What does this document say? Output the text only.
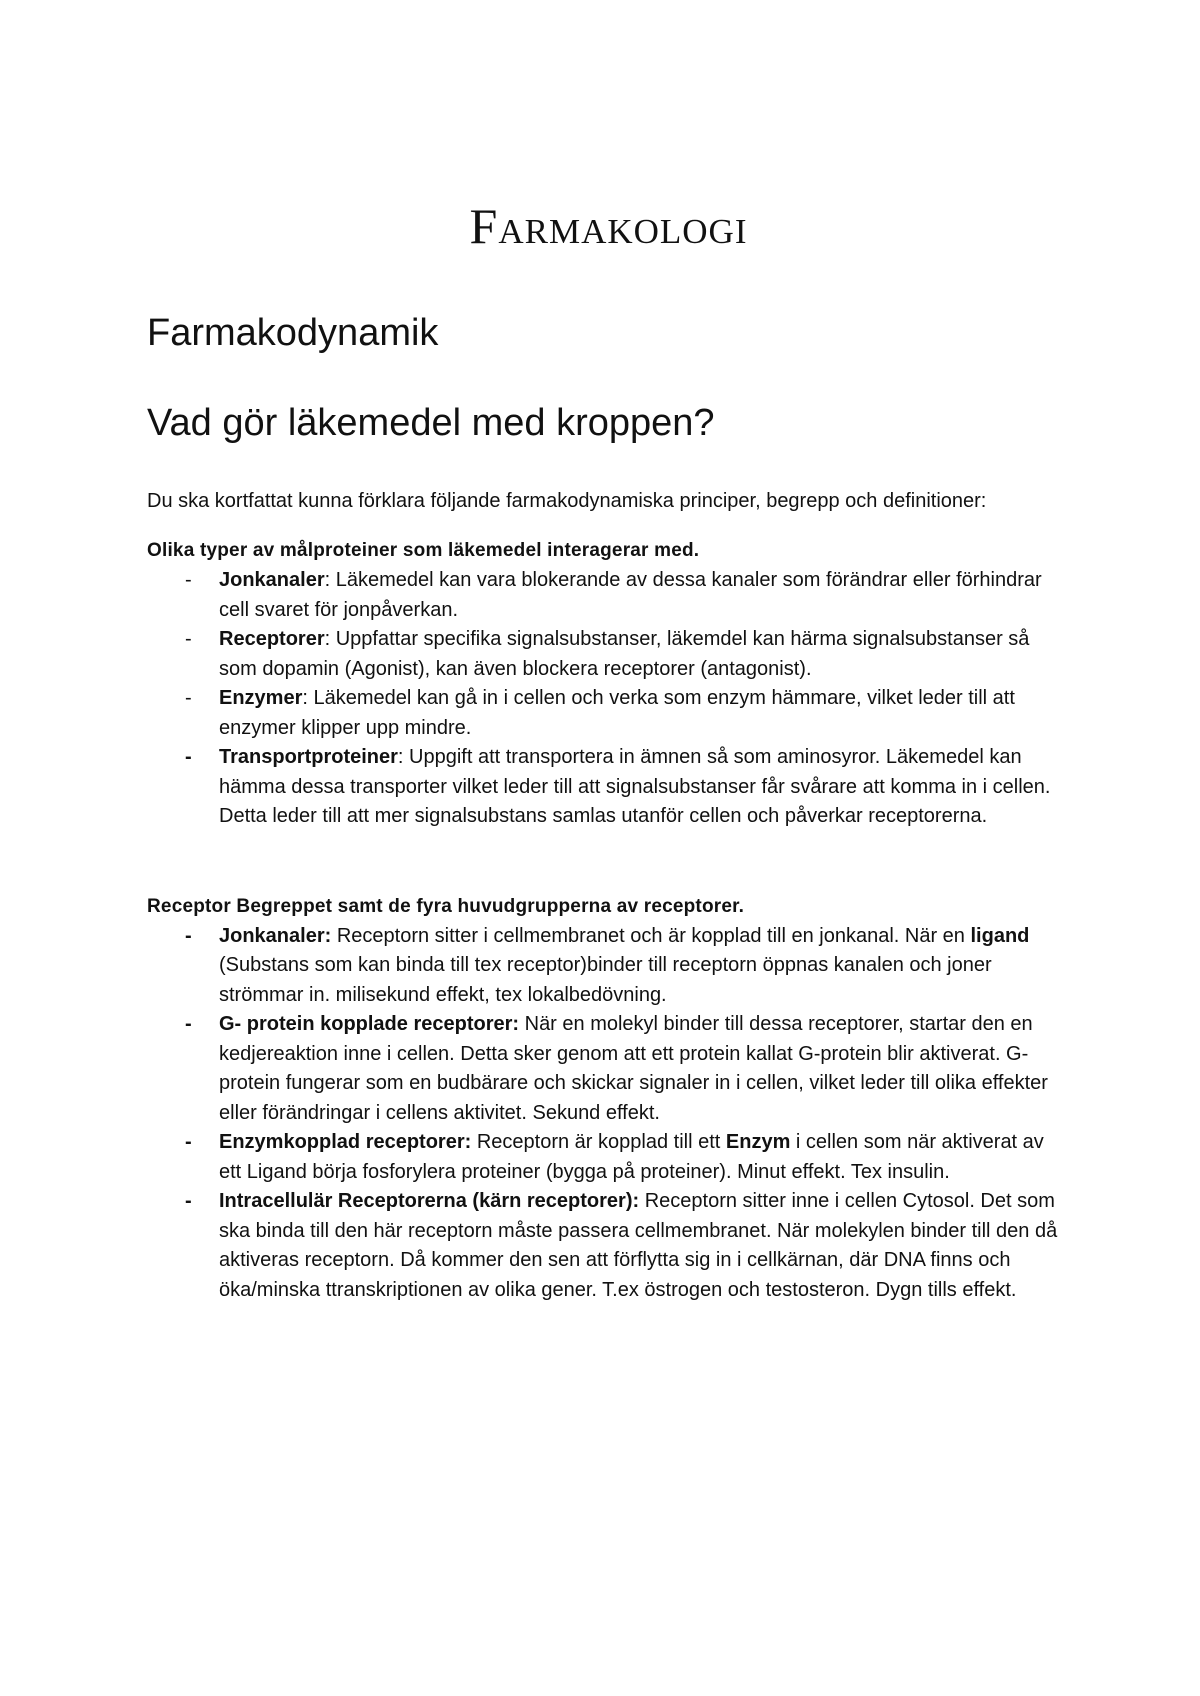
Farmakologi
Farmakodynamik
Vad gör läkemedel med kroppen?

Du ska kortfattat kunna förklara följande farmakodynamiska principer, begrepp och definitioner:

Olika typer av målproteiner som läkemedel interagerar med.

- Jonkanaler: Läkemedel kan vara blokerande av dessa kanaler som förändrar eller förhindrar cell svaret för jonpåverkan.
- Receptorer: Uppfattar specifika signalsubstanser, läkemdel kan härma signalsubstanser så som dopamin (Agonist), kan även blockera receptorer (antagonist).
- Enzymer: Läkemedel kan gå in i cellen och verka som enzym hämmare, vilket leder till att enzymer klipper upp mindre.
- Transportproteiner: Uppgift att transportera in ämnen så som aminosyror. Läkemedel kan hämma dessa transporter vilket leder till att signalsubstanser får svårare att komma in i cellen. Detta leder till att mer signalsubstans samlas utanför cellen och påverkar receptorerna.

Receptor Begreppet samt de fyra huvudgrupperna av receptorer.

- Jonkanaler: Receptorn sitter i cellmembranet och är kopplad till en jonkanal. När en ligand (Substans som kan binda till tex receptor)binder till receptorn öppnas kanalen och joner strömmar in. milisekund effekt, tex lokalbedövning.
- G- protein kopplade receptorer: När en molekyl binder till dessa receptorer, startar den en kedjereaktion inne i cellen. Detta sker genom att ett protein kallat G-protein blir aktiverat. G-protein fungerar som en budbärare och skickar signaler in i cellen, vilket leder till olika effekter eller förändringar i cellens aktivitet. Sekund effekt.
- Enzymkopplad receptorer: Receptorn är kopplad till ett Enzym i cellen som när aktiverat av ett Ligand börja fosforylera proteiner (bygga på proteiner). Minut effekt. Tex insulin.
- Intracellulär Receptorerna (kärn receptorer): Receptorn sitter inne i cellen Cytosol. Det som ska binda till den här receptorn måste passera cellmembranet. När molekylen binder till den då aktiveras receptorn. Då kommer den sen att förflytta sig in i cellkärnan, där DNA finns och öka/minska ttranskriptionen av olika gener. T.ex östrogen och testosteron. Dygn tills effekt.
